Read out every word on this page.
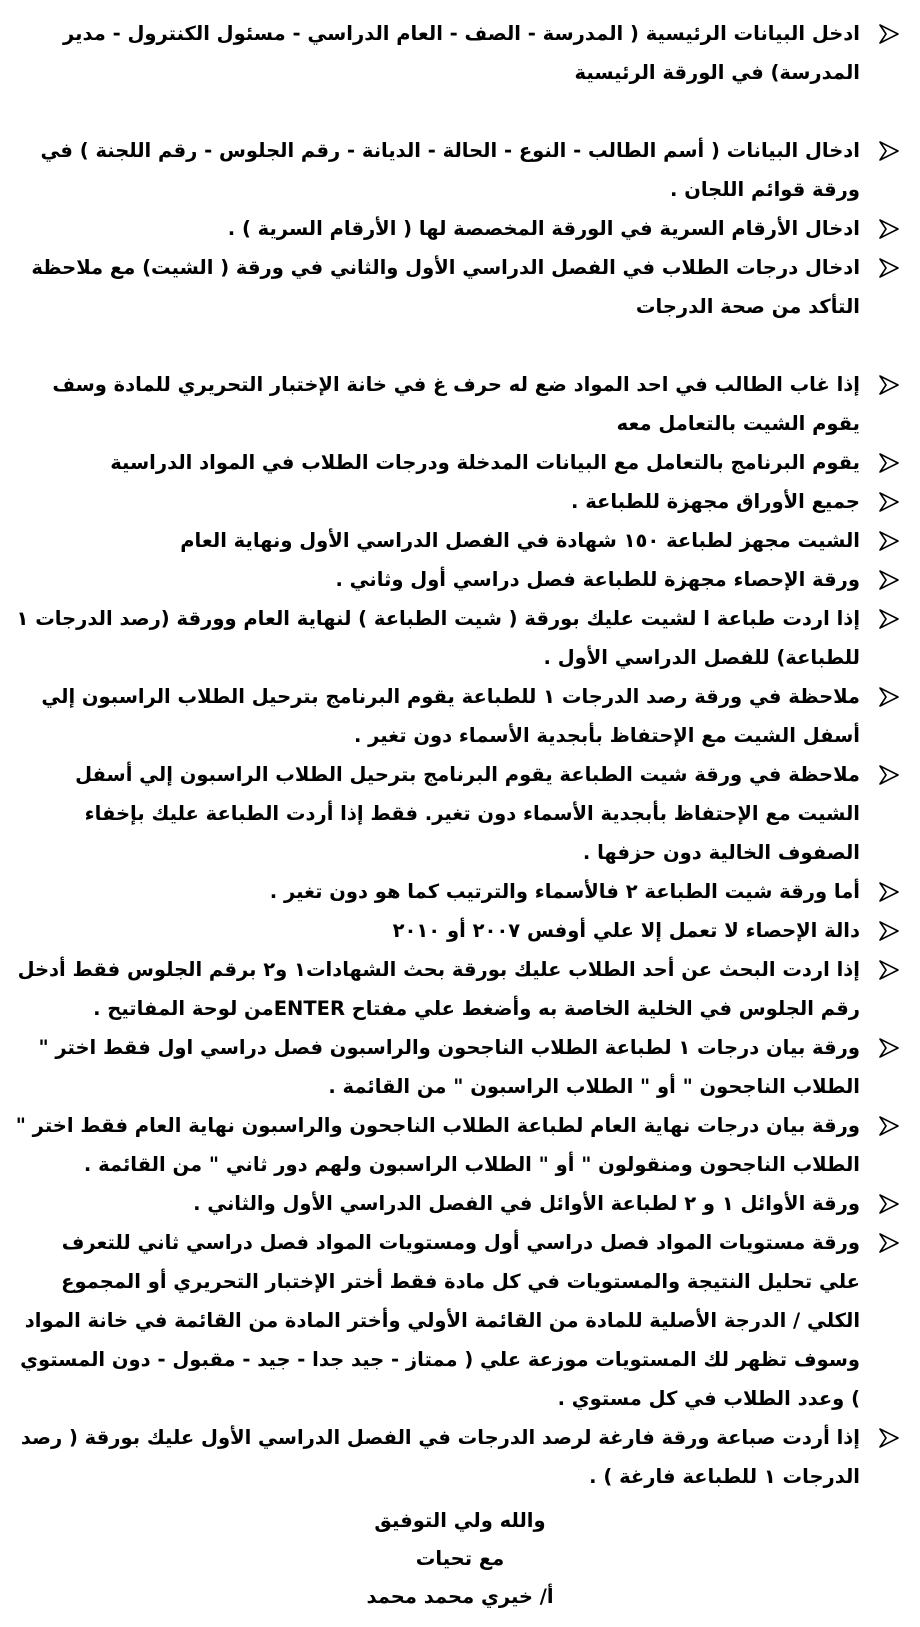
ادخل البيانات الرئيسية ( المدرسة - الصف - العام الدراسي - مسئول الكنترول - مدير المدرسة) في الورقة الرئيسية
ادخال البيانات ( أسم الطالب - النوع - الحالة - الديانة - رقم الجلوس - رقم اللجنة ) في ورقة قوائم اللجان .
ادخال الأرقام السرية في الورقة المخصصة لها ( الأرقام السرية ) .
ادخال درجات الطلاب في الفصل الدراسي الأول والثاني في ورقة ( الشيت) مع ملاحظة التأكد من صحة الدرجات
إذا غاب الطالب في احد المواد ضع له حرف غ في خانة الإختبار التحريري للمادة وسف يقوم الشيت بالتعامل معه
يقوم البرنامج بالتعامل مع البيانات المدخلة ودرجات الطلاب في المواد الدراسية
جميع الأوراق مجهزة للطباعة .
الشيت مجهز لطباعة ١٥٠ شهادة في الفصل الدراسي الأول ونهاية العام
ورقة الإحصاء مجهزة للطباعة فصل دراسي أول وثاني .
إذا اردت طباعة ا لشيت عليك بورقة ( شيت الطباعة ) لنهاية العام وورقة (رصد الدرجات ١ للطباعة) للفصل الدراسي الأول .
ملاحظة في ورقة رصد الدرجات ١ للطباعة يقوم البرنامج بترحيل الطلاب الراسبون إلي أسفل الشيت مع الإحتفاظ بأبجدية الأسماء دون تغير .
ملاحظة في ورقة شيت الطباعة يقوم البرنامج بترحيل الطلاب الراسبون إلي أسفل الشيت مع الإحتفاظ بأبجدية الأسماء دون تغير. فقط إذا أردت الطباعة عليك بإخفاء الصفوف الخالية دون حزفها .
أما ورقة شيت الطباعة ٢ فالأسماء والترتيب كما هو دون تغير .
دالة الإحصاء لا تعمل إلا علي أوفس ٢٠٠٧ أو ٢٠١٠
إذا اردت البحث عن أحد الطلاب عليك بورقة بحث الشهادات١ و٢ برقم الجلوس فقط أدخل رقم الجلوس في الخلية الخاصة به وأضغط علي مفتاح ENTERمن لوحة المفاتيح .
ورقة بيان درجات ١ لطباعة الطلاب الناجحون والراسبون فصل دراسي اول فقط اختر " الطلاب الناجحون " أو " الطلاب الراسبون " من القائمة .
ورقة بيان درجات نهاية العام لطباعة الطلاب الناجحون والراسبون نهاية العام فقط اختر " الطلاب الناجحون ومنقولون " أو " الطلاب الراسبون ولهم دور ثاني " من القائمة .
ورقة الأوائل ١ و ٢ لطباعة الأوائل في الفصل الدراسي الأول والثاني .
ورقة مستويات المواد فصل دراسي أول ومستويات المواد فصل دراسي ثاني للتعرف علي تحليل النتيجة والمستويات في كل مادة فقط أختر الإختبار التحريري أو المجموع الكلي / الدرجة الأصلية للمادة من القائمة الأولي وأختر المادة من القائمة في خانة المواد وسوف تظهر لك المستويات موزعة علي ( ممتاز - جيد جدا - جيد - مقبول - دون المستوي ) وعدد الطلاب في كل مستوي .
إذا أردت صباعة ورقة فارغة لرصد الدرجات في الفصل الدراسي الأول عليك بورقة ( رصد الدرجات ١ للطباعة فارغة ) .
والله ولي التوفيق
مع تحيات
أ/ خيري محمد محمد
